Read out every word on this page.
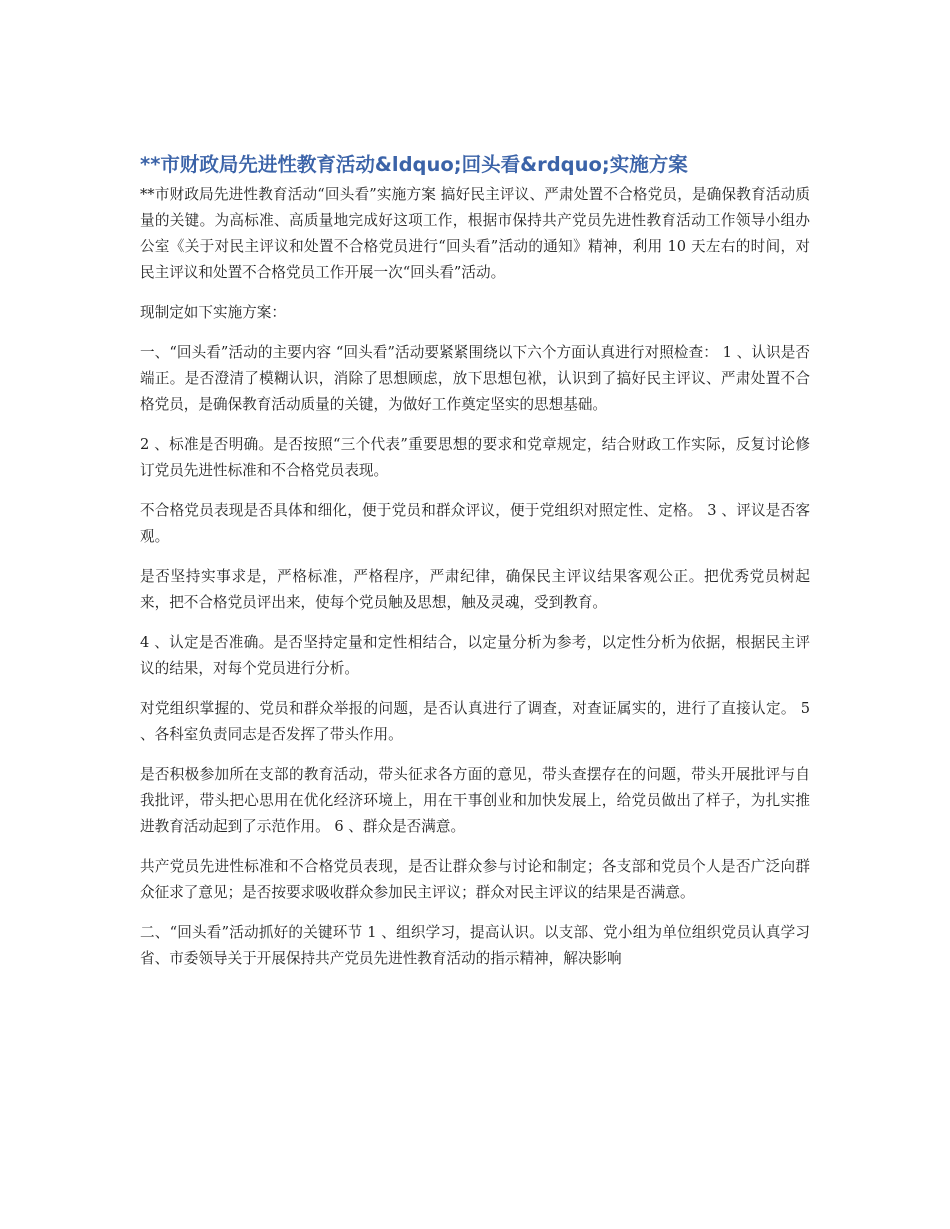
**市财政局先进性教育活动&ldquo;回头看&rdquo;实施方案

**市财政局先进性教育活动“回头看”实施方案 搞好民主评议、严肃处置不合格党员，是确保教育活动质量的关键。为高标准、高质量地完成好这项工作，根据市保持共产党员先进性教育活动工作领导小组办公室《关于对民主评议和处置不合格党员进行“回头看”活动的通知》精神，利用 10 天左右的时间，对民主评议和处置不合格党员工作开展一次“回头看”活动。

现制定如下实施方案：

一、“回头看”活动的主要内容 “回头看”活动要紧紧围绕以下六个方面认真进行对照检查： 1 、认识是否端正。是否澄清了模糊认识，消除了思想顾虑，放下思想包袱，认识到了搞好民主评议、严肃处置不合格党员，是确保教育活动质量的关键，为做好工作奠定坚实的思想基础。

2 、标准是否明确。是否按照“三个代表”重要思想的要求和党章规定，结合财政工作实际，反复讨论修订党员先进性标准和不合格党员表现。

不合格党员表现是否具体和细化，便于党员和群众评议，便于党组织对照定性、定格。 3 、评议是否客观。

是否坚持实事求是，严格标准，严格程序，严肃纪律，确保民主评议结果客观公正。把优秀党员树起来，把不合格党员评出来，使每个党员触及思想，触及灵魂，受到教育。

4 、认定是否准确。是否坚持定量和定性相结合，以定量分析为参考，以定性分析为依据，根据民主评议的结果，对每个党员进行分析。

对党组织掌握的、党员和群众举报的问题，是否认真进行了调查，对查证属实的，进行了直接认定。 5 、各科室负责同志是否发挥了带头作用。

是否积极参加所在支部的教育活动，带头征求各方面的意见，带头查摆存在的问题，带头开展批评与自我批评，带头把心思用在优化经济环境上，用在干事创业和加快发展上，给党员做出了样子，为扎实推进教育活动起到了示范作用。 6 、群众是否满意。

共产党员先进性标准和不合格党员表现，是否让群众参与讨论和制定；各支部和党员个人是否广泛向群众征求了意见；是否按要求吸收群众参加民主评议；群众对民主评议的结果是否满意。

二、“回头看”活动抓好的关键环节 1 、组织学习，提高认识。以支部、党小组为单位组织党员认真学习省、市委领导关于开展保持共产党员先进性教育活动的指示精神，解决影响
